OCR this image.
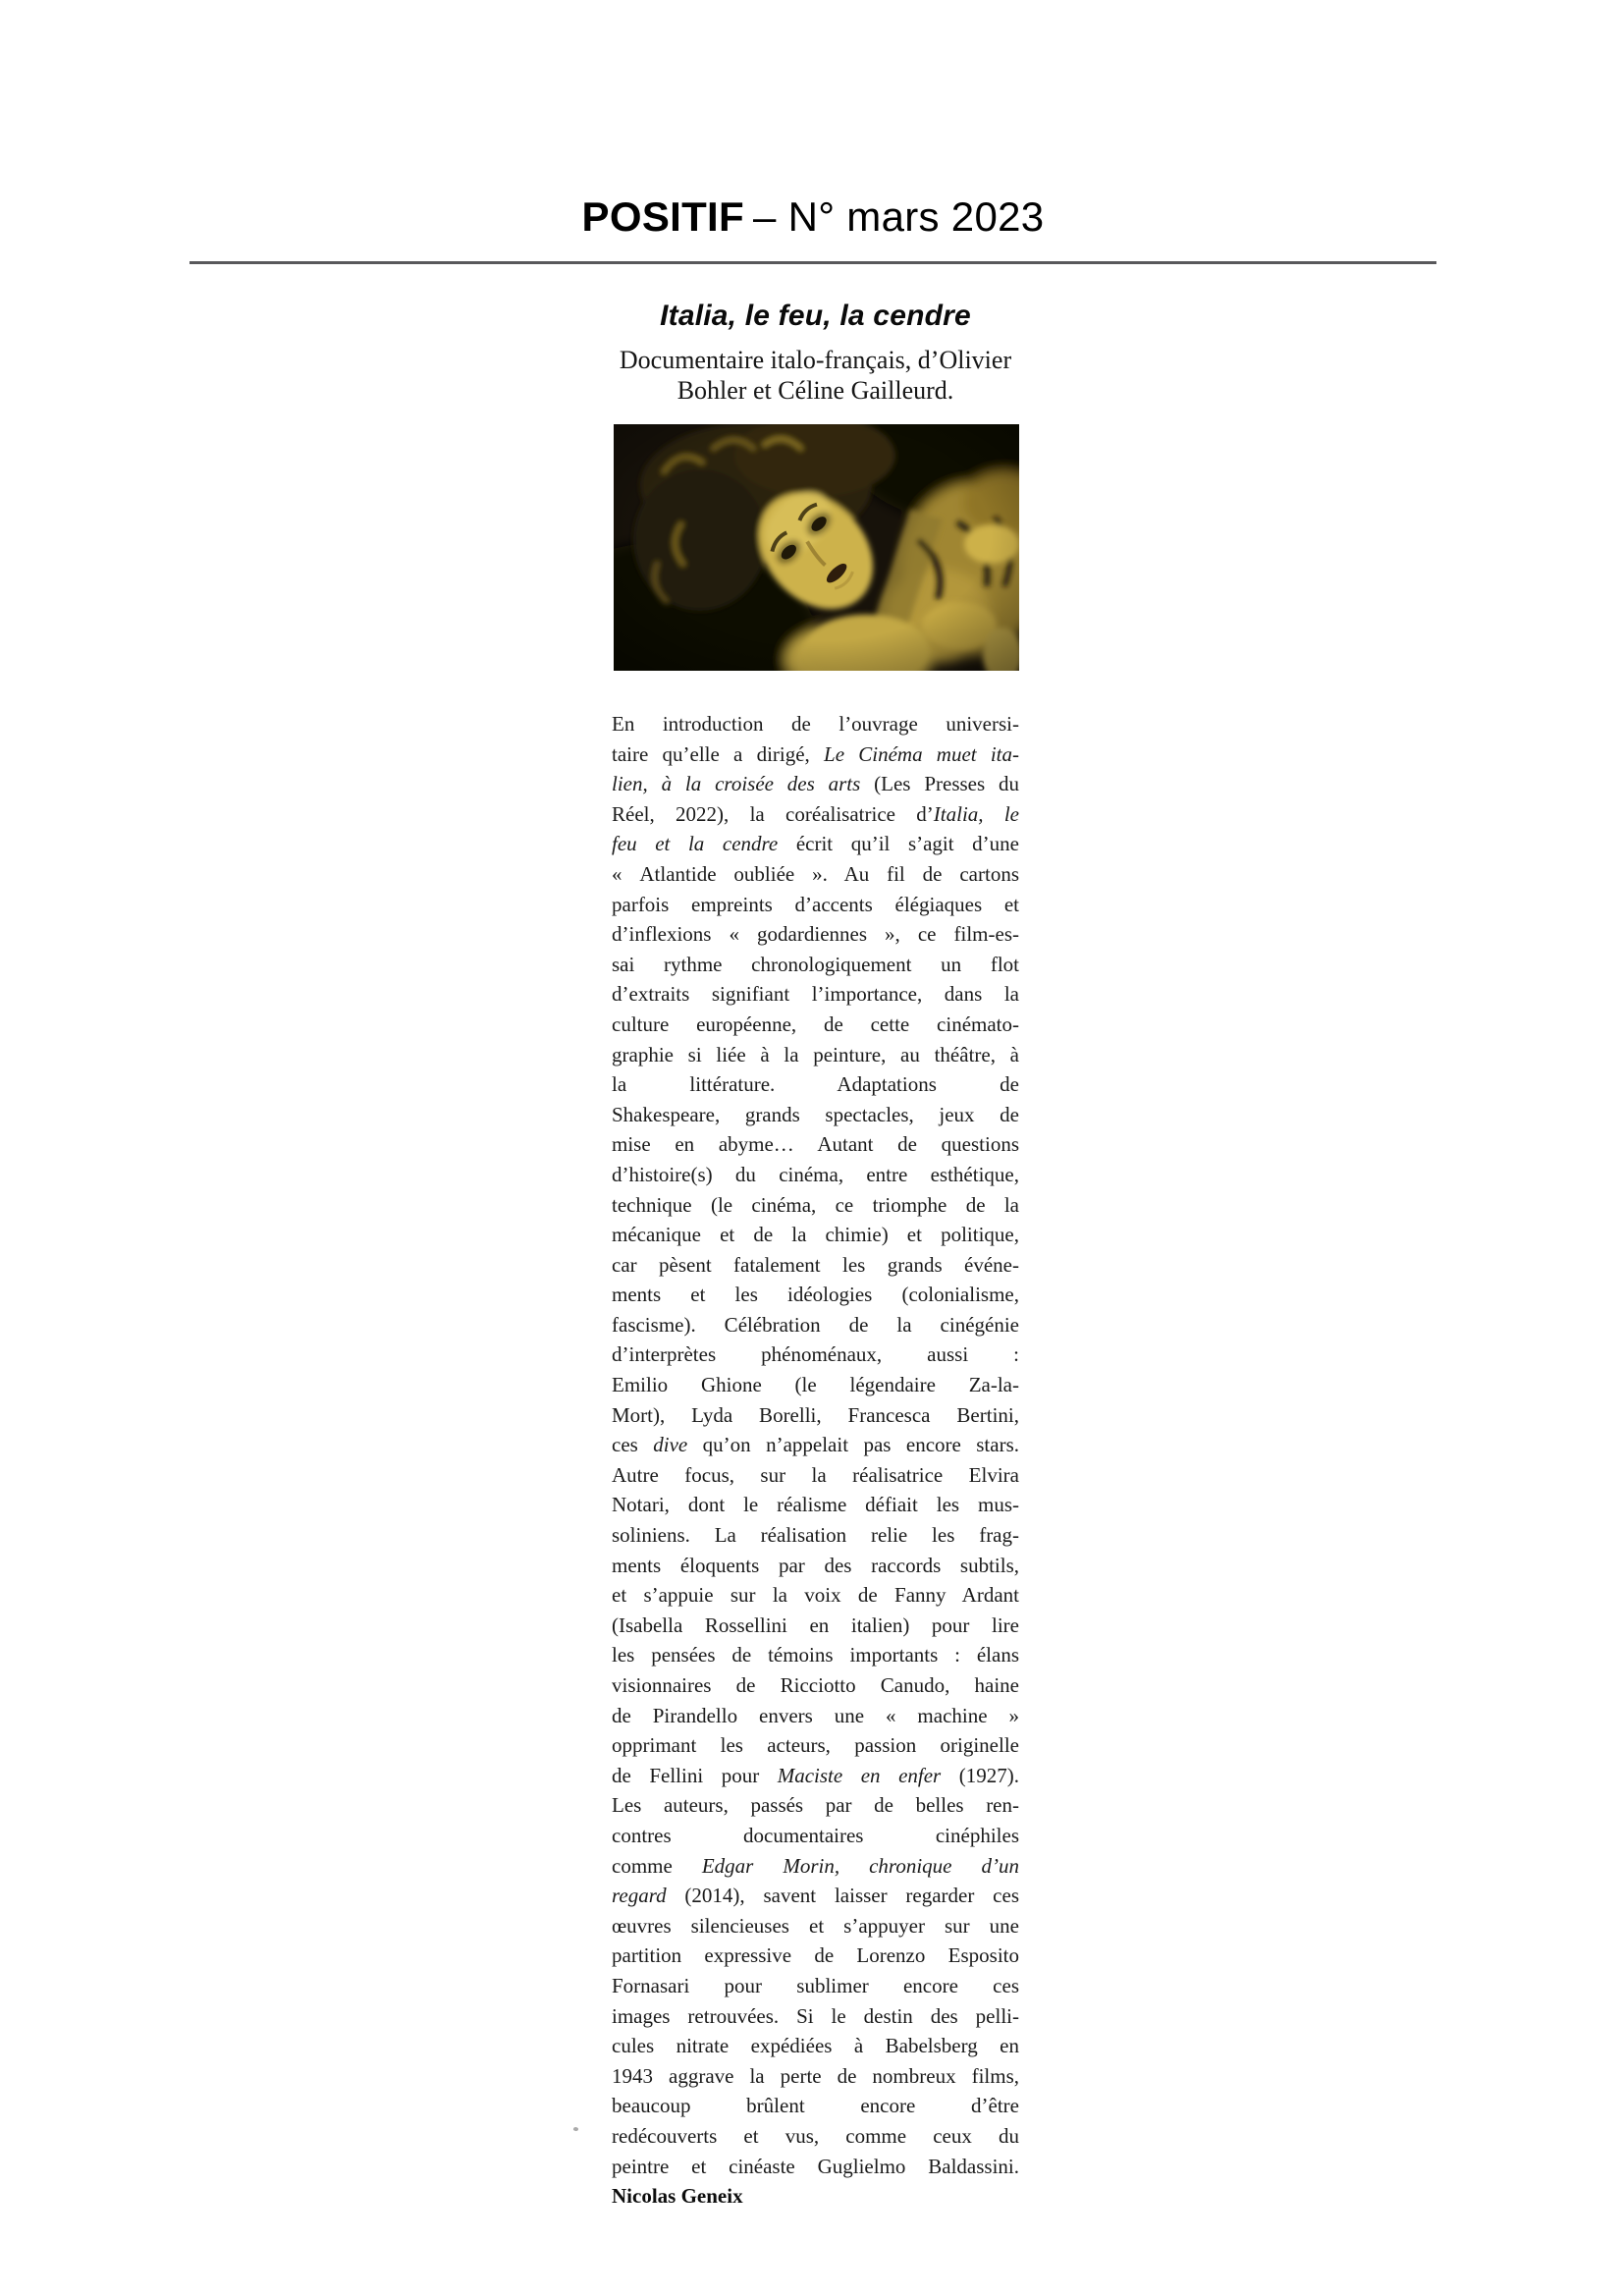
POSITIF – N° mars 2023
Italia, le feu, la cendre
Documentaire italo-français, d’Olivier
Bohler et Céline Gailleurd.
En introduction de l’ouvrage universi-
taire qu’elle a dirigé, Le Cinéma muet ita-
lien, à la croisée des arts (Les Presses du
Réel, 2022), la coréalisatrice d’Italia, le
feu et la cendre écrit qu’il s’agit d’une
« Atlantide oubliée ». Au fil de cartons
parfois empreints d’accents élégiaques et
d’inflexions « godardiennes », ce film-es-
sai rythme chronologiquement un flot
d’extraits signifiant l’importance, dans la
culture européenne, de cette cinémato-
graphie si liée à la peinture, au théâtre, à
la littérature. Adaptations de
Shakespeare, grands spectacles, jeux de
mise en abyme… Autant de questions
d’histoire(s) du cinéma, entre esthétique,
technique (le cinéma, ce triomphe de la
mécanique et de la chimie) et politique,
car pèsent fatalement les grands événe-
ments et les idéologies (colonialisme,
fascisme). Célébration de la cinégénie
d’interprètes phénoménaux, aussi :
Emilio Ghione (le légendaire Za-la-
Mort), Lyda Borelli, Francesca Bertini,
ces dive qu’on n’appelait pas encore stars.
Autre focus, sur la réalisatrice Elvira
Notari, dont le réalisme défiait les mus-
soliniens. La réalisation relie les frag-
ments éloquents par des raccords subtils,
et s’appuie sur la voix de Fanny Ardant
(Isabella Rossellini en italien) pour lire
les pensées de témoins importants : élans
visionnaires de Ricciotto Canudo, haine
de Pirandello envers une « machine »
opprimant les acteurs, passion originelle
de Fellini pour Maciste en enfer (1927).
Les auteurs, passés par de belles ren-
contres documentaires cinéphiles
comme Edgar Morin, chronique d’un
regard (2014), savent laisser regarder ces
œuvres silencieuses et s’appuyer sur une
partition expressive de Lorenzo Esposito
Fornasari pour sublimer encore ces
images retrouvées. Si le destin des pelli-
cules nitrate expédiées à Babelsberg en
1943 aggrave la perte de nombreux films,
beaucoup brûlent encore d’être
redécouverts et vus, comme ceux du
peintre et cinéaste Guglielmo Baldassini.
Nicolas Geneix
